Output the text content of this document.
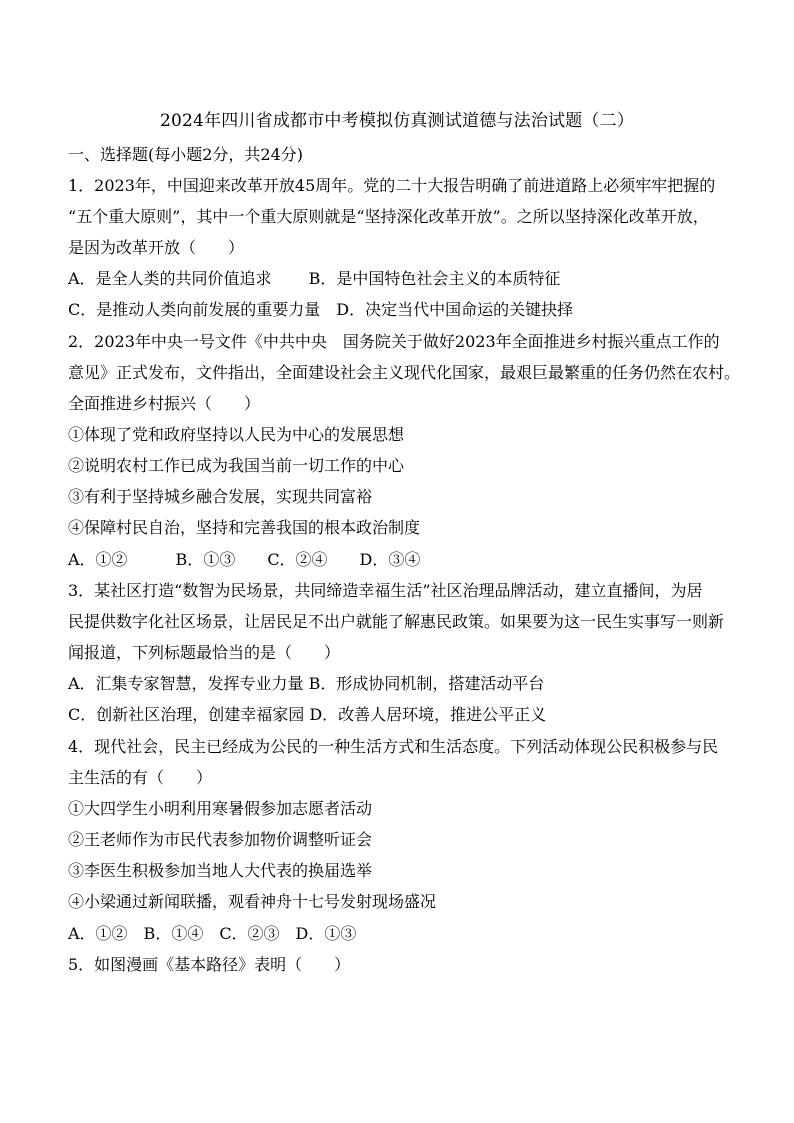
2024年四川省成都市中考模拟仿真测试道德与法治试题（二）
一、选择题(每小题2分，共24分)
1．2023年，中国迎来改革开放45周年。党的二十大报告明确了前进道路上必须牢牢把握的
“五个重大原则”，其中一个重大原则就是“坚持深化改革开放”。之所以坚持深化改革开放，
是因为改革开放（　　）
A．是全人类的共同价值追求　　 B．是中国特色社会主义的本质特征
C．是推动人类向前发展的重要力量　D．决定当代中国命运的关键抉择
2．2023年中央一号文件《中共中央　国务院关于做好2023年全面推进乡村振兴重点工作的
意见》正式发布，文件指出，全面建设社会主义现代化国家，最艰巨最繁重的任务仍然在农村。
全面推进乡村振兴（　　）
①体现了党和政府坚持以人民为中心的发展思想
②说明农村工作已成为我国当前一切工作的中心
③有利于坚持城乡融合发展，实现共同富裕
④保障村民自治，坚持和完善我国的根本政治制度
A．①②　　　B．①③　　C．②④　　D．③④
3．某社区打造“数智为民场景，共同缔造幸福生活”社区治理品牌活动，建立直播间，为居
民提供数字化社区场景，让居民足不出户就能了解惠民政策。如果要为这一民生实事写一则新
闻报道，下列标题最恰当的是（　　）
A．汇集专家智慧，发挥专业力量 B．形成协同机制，搭建活动平台
C．创新社区治理，创建幸福家园 D．改善人居环境，推进公平正义
4．现代社会，民主已经成为公民的一种生活方式和生活态度。下列活动体现公民积极参与民
主生活的有（　　）
①大四学生小明利用寒暑假参加志愿者活动
②王老师作为市民代表参加物价调整听证会
③李医生积极参加当地人大代表的换届选举
④小梁通过新闻联播，观看神舟十七号发射现场盛况
A．①②　B．①④　C．②③　D．①③
5．如图漫画《基本路径》表明（　　）
